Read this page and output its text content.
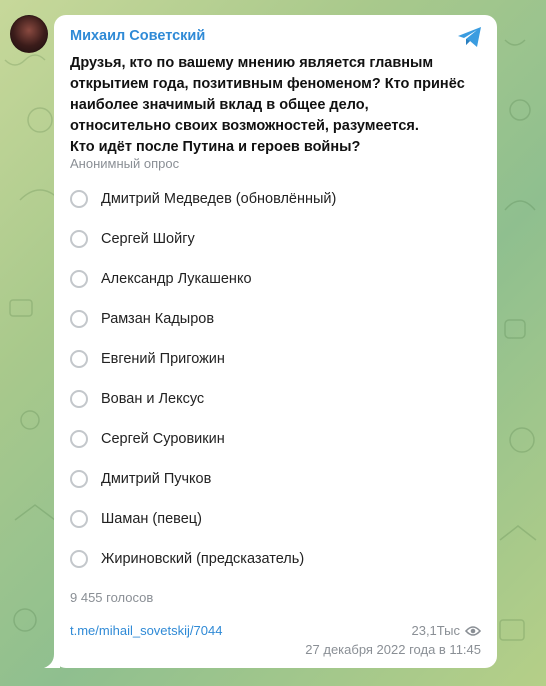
Михаил Советский
Друзья, кто по вашему мнению является главным
открытием года, позитивным феноменом? Кто принёс
наиболее значимый вклад в общее дело,
относительно своих возможностей, разумеется.
Кто идёт после Путина и героев войны?
Анонимный опрос
Дмитрий Медведев (обновлённый)
Сергей Шойгу
Александр Лукашенко
Рамзан Кадыров
Евгений Пригожин
Вован и Лексус
Сергей Суровикин
Дмитрий Пучков
Шаман (певец)
Жириновский (предсказатель)
9 455 голосов
t.me/mihail_sovetskij/7044	23,1Тыс
27 декабря 2022 года в 11:45
